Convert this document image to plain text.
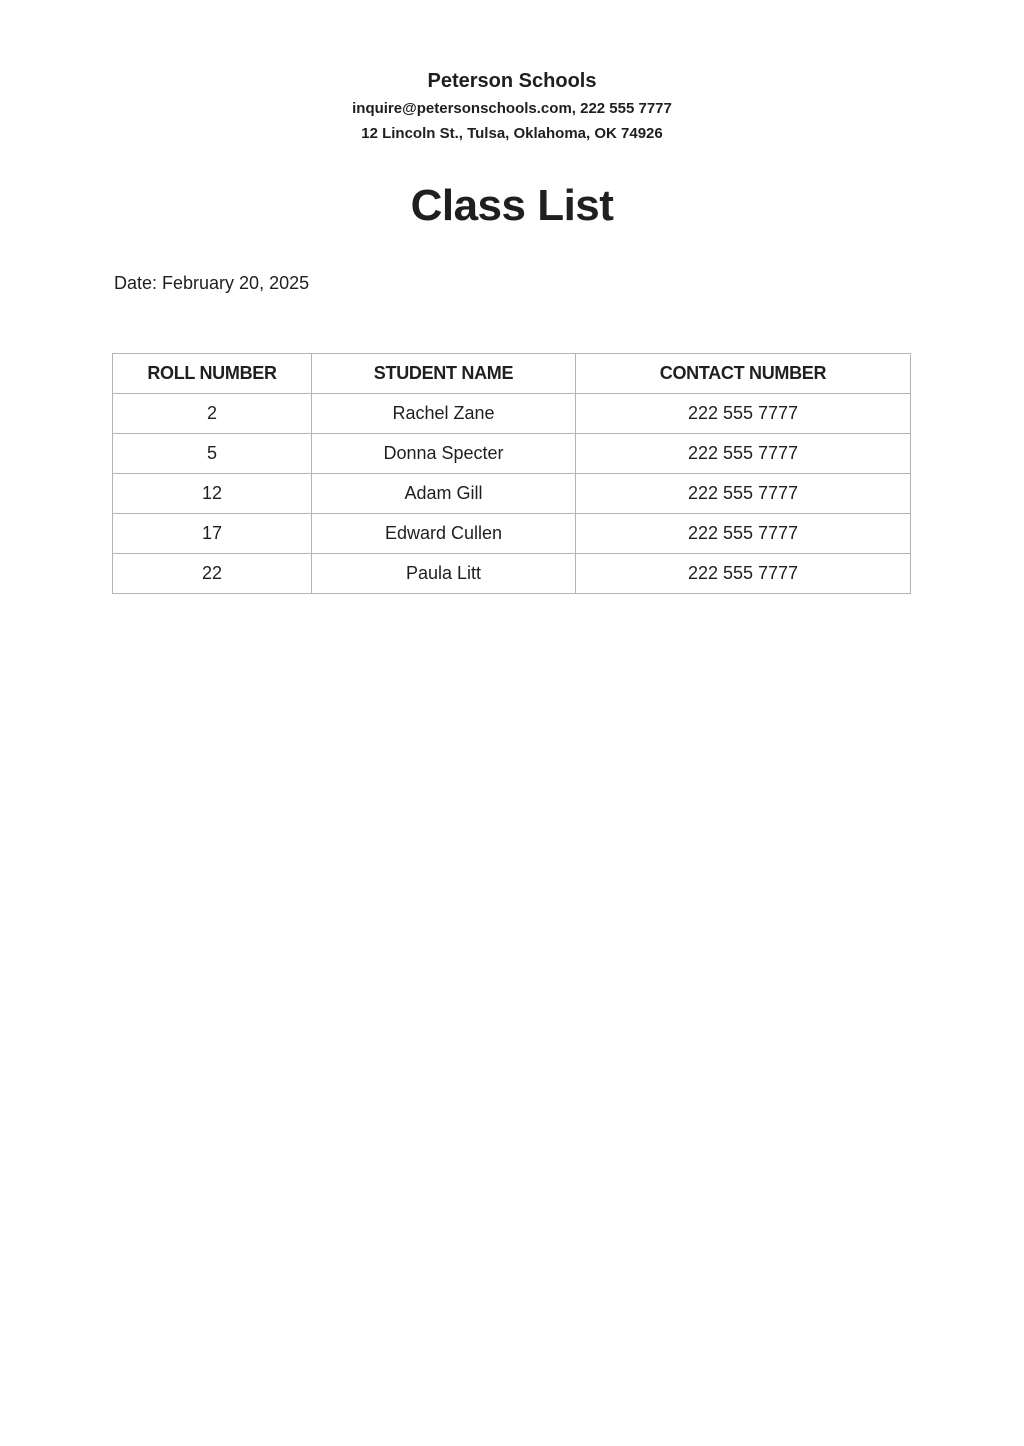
Peterson Schools

inquire@petersonschools.com, 222 555 7777

12 Lincoln St., Tulsa, Oklahoma, OK 74926

Class List
Date: February 20, 2025
ROLL NUMBER	STUDENT NAME	CONTACT NUMBER
2	Rachel Zane	222 555 7777
5	Donna Specter	222 555 7777
12	Adam Gill	222 555 7777
17	Edward Cullen	222 555 7777
22	Paula Litt	222 555 7777
